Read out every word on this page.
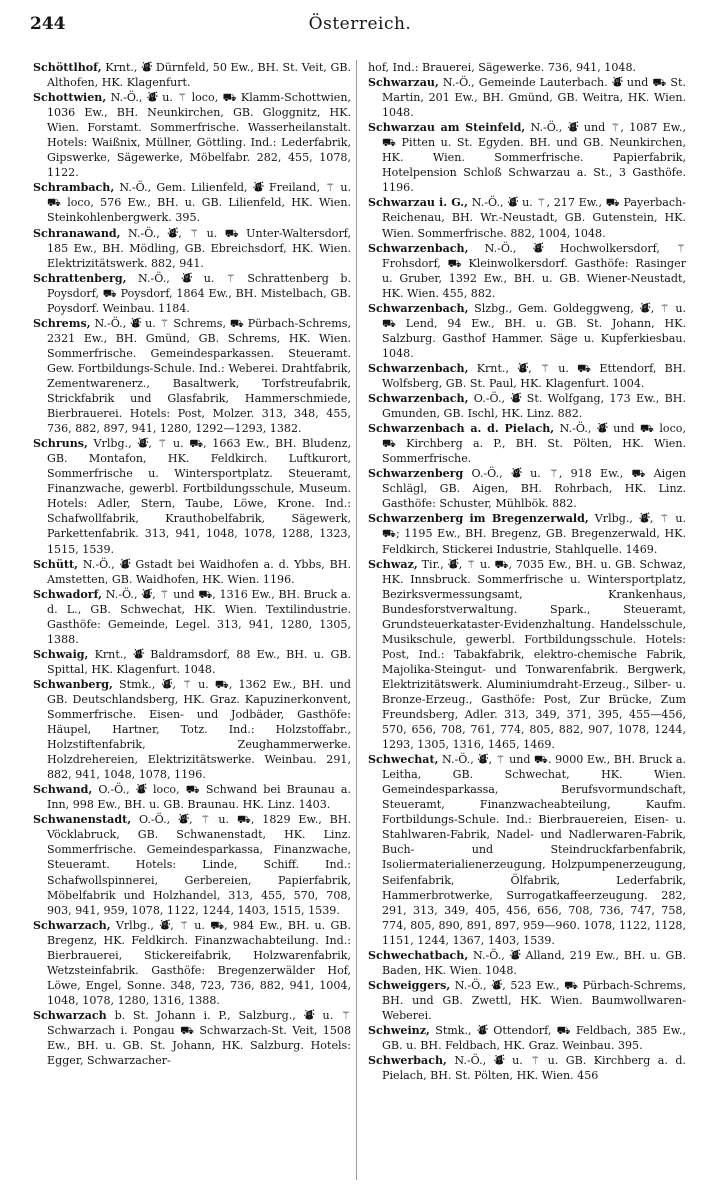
244	Österreich.

Schöttlhof, Krnt., ⛇ Dürnfeld, 50 Ew., BH. St. Veit, GB. Althofen, HK. Klagenfurt.

Schottwien, N.-Ö., ⛇ u. ⚚ loco, ⛟ Klamm-Schottwien, 1036 Ew., BH. Neunkirchen, GB. Gloggnitz, HK. Wien. Forstamt. Sommerfrische. Wasserheilanstalt. Hotels: Waißnix, Müllner, Göttling. Ind.: Lederfabrik, Gipswerke, Sägewerke, Möbelfabr. 282, 455, 1078, 1122.

Schrambach, N.-Ö., Gem. Lilienfeld, ⛇ Freiland, ⚚ u. ⛟ loco, 576 Ew., BH. u. GB. Lilienfeld, HK. Wien. Steinkohlenbergwerk. 395.

Schranawand, N.-Ö., ⛇, ⚚ u. ⛟ Unter-Waltersdorf, 185 Ew., BH. Mödling, GB. Ebreichsdorf, HK. Wien. Elektrizitätswerk. 882, 941.

Schrattenberg, N.-Ö., ⛇ u. ⚚ Schrattenberg b. Poysdorf, ⛟ Poysdorf, 1864 Ew., BH. Mistelbach, GB. Poysdorf. Weinbau. 1184.

Schrems, N.-Ö., ⛇ u. ⚚ Schrems, ⛟ Pürbach-Schrems, 2321 Ew., BH. Gmünd, GB. Schrems, HK. Wien. Sommerfrische. Gemeindesparkassen. Steueramt. Gew. Fortbildungs-Schule. Ind.: Weberei. Drahtfabrik, Zementwarenerz., Basaltwerk, Torfstreufabrik, Strickfabrik und Glasfabrik, Hammerschmiede, Bierbrauerei. Hotels: Post, Molzer. 313, 348, 455, 736, 882, 897, 941, 1280, 1292—1293, 1382.

Schruns, Vrlbg., ⛇, ⚚ u. ⛟, 1663 Ew., BH. Bludenz, GB. Montafon, HK. Feldkirch. Luftkurort, Sommerfrische u. Wintersportplatz. Steueramt, Finanzwache, gewerbl. Fortbildungsschule, Museum. Hotels: Adler, Stern, Taube, Löwe, Krone. Ind.: Schafwollfabrik, Krauthobelfabrik, Sägewerk, Parkettenfabrik. 313, 941, 1048, 1078, 1288, 1323, 1515, 1539.

Schütt, N.-Ö., ⛇ Gstadt bei Waidhofen a. d. Ybbs, BH. Amstetten, GB. Waidhofen, HK. Wien. 1196.

Schwadorf, N.-Ö., ⛇, ⚚ und ⛟, 1316 Ew., BH. Bruck a. d. L., GB. Schwechat, HK. Wien. Textilindustrie. Gasthöfe: Gemeinde, Legel. 313, 941, 1280, 1305, 1388.

Schwaig, Krnt., ⛇ Baldramsdorf, 88 Ew., BH. u. GB. Spittal, HK. Klagenfurt. 1048.

Schwanberg, Stmk., ⛇, ⚚ u. ⛟, 1362 Ew., BH. und GB. Deutschlandsberg, HK. Graz. Kapuzinerkonvent, Sommerfrische. Eisen- und Jodbäder, Gasthöfe: Häupel, Hartner, Totz. Ind.: Holzstoffabr., Holzstiftenfabrik, Zeughammerwerke. Holzdrehereien, Elektrizitätswerke. Weinbau. 291, 882, 941, 1048, 1078, 1196.

Schwand, O.-Ö., ⛇ loco, ⛟ Schwand bei Braunau a. Inn, 998 Ew., BH. u. GB. Braunau. HK. Linz. 1403.

Schwanenstadt, O.-Ö., ⛇, ⚚ u. ⛟, 1829 Ew., BH. Vöcklabruck, GB. Schwanenstadt, HK. Linz. Sommerfrische. Gemeindesparkassa, Finanzwache, Steueramt. Hotels: Linde, Schiff. Ind.: Schafwollspinnerei, Gerbereien, Papierfabrik, Möbelfabrik und Holzhandel, 313, 455, 570, 708, 903, 941, 959, 1078, 1122, 1244, 1403, 1515, 1539.

Schwarzach, Vrlbg., ⛇, ⚚ u. ⛟, 984 Ew., BH. u. GB. Bregenz, HK. Feldkirch. Finanzwachabteilung. Ind.: Bierbrauerei, Stickereifabrik, Holzwarenfabrik, Wetzsteinfabrik. Gasthöfe: Bregenzerwälder Hof, Löwe, Engel, Sonne. 348, 723, 736, 882, 941, 1004, 1048, 1078, 1280, 1316, 1388.

Schwarzach b. St. Johann i. P., Salzburg., ⛇ u. ⚚ Schwarzach i. Pongau ⛟ Schwarzach-St. Veit, 1508 Ew., BH. u. GB. St. Johann, HK. Salzburg. Hotels: Egger, Schwarzacher-

hof, Ind.: Brauerei, Sägewerke. 736, 941, 1048.

Schwarzau, N.-Ö., Gemeinde Lauterbach. ⛇ und ⛟ St. Martin, 201 Ew., BH. Gmünd, GB. Weitra, HK. Wien. 1048.

Schwarzau am Steinfeld, N.-Ö., ⛇ und ⚚, 1087 Ew., ⛟ Pitten u. St. Egyden. BH. und GB. Neunkirchen, HK. Wien. Sommerfrische. Papierfabrik, Hotelpension Schloß Schwarzau a. St., 3 Gasthöfe. 1196.

Schwarzau i. G., N.-Ö., ⛇ u. ⚚, 217 Ew., ⛟ Payerbach-Reichenau, BH. Wr.-Neustadt, GB. Gutenstein, HK. Wien. Sommerfrische. 882, 1004, 1048.

Schwarzenbach, N.-Ö., ⛇ Hochwolkersdorf, ⚚ Frohsdorf, ⛟ Kleinwolkersdorf. Gasthöfe: Rasinger u. Gruber, 1392 Ew., BH. u. GB. Wiener-Neustadt, HK. Wien. 455, 882.

Schwarzenbach, Slzbg., Gem. Goldeggweng, ⛇, ⚚ u. ⛟ Lend, 94 Ew., BH. u. GB. St. Johann, HK. Salzburg. Gasthof Hammer. Säge u. Kupferkiesbau. 1048.

Schwarzenbach, Krnt., ⛇, ⚚ u. ⛟ Ettendorf, BH. Wolfsberg, GB. St. Paul, HK. Klagenfurt. 1004.

Schwarzenbach, O.-Ö., ⛇ St. Wolfgang, 173 Ew., BH. Gmunden, GB. Ischl, HK. Linz. 882.

Schwarzenbach a. d. Pielach, N.-Ö., ⛇ und ⛟ loco, ⛟ Kirchberg a. P., BH. St. Pölten, HK. Wien. Sommerfrische.

Schwarzenberg O.-Ö., ⛇ u. ⚚, 918 Ew., ⛟ Aigen Schlägl, GB. Aigen, BH. Rohrbach, HK. Linz. Gasthöfe: Schuster, Mühlbök. 882.

Schwarzenberg im Bregenzerwald, Vrlbg., ⛇, ⚚ u. ⛟; 1195 Ew., BH. Bregenz, GB. Bregenzerwald, HK. Feldkirch, Stickerei Industrie, Stahlquelle. 1469.

Schwaz, Tir., ⛇, ⚚ u. ⛟, 7035 Ew., BH. u. GB. Schwaz, HK. Innsbruck. Sommerfrische u. Wintersportplatz, Bezirksvermessungsamt, Krankenhaus, Bundesforstverwaltung. Spark., Steueramt, Grundsteuerkataster-Evidenzhaltung. Handelsschule, Musikschule, gewerbl. Fortbildungsschule. Hotels: Post, Ind.: Tabakfabrik, elektro-chemische Fabrik, Majolika-Steingut- und Tonwarenfabrik. Bergwerk, Elektrizitätswerk. Aluminiumdraht-Erzeug., Silber- u. Bronze-Erzeug., Gasthöfe: Post, Zur Brücke, Zum Freundsberg, Adler. 313, 349, 371, 395, 455—456, 570, 656, 708, 761, 774, 805, 882, 907, 1078, 1244, 1293, 1305, 1316, 1465, 1469.

Schwechat, N.-Ö., ⛇, ⚚ und ⛟. 9000 Ew., BH. Bruck a. Leitha, GB. Schwechat, HK. Wien. Gemeindesparkassa, Berufsvormundschaft, Steueramt, Finanzwacheabteilung, Kaufm. Fortbildungs-Schule. Ind.: Bierbrauereien, Eisen- u. Stahlwaren-Fabrik, Nadel- und Nadlerwaren-Fabrik, Buch- und Steindruckfarbenfabrik, Isoliermaterialienerzeugung, Holzpumpenerzeugung, Seifenfabrik, Ölfabrik, Lederfabrik, Hammerbrotwerke, Surrogatkaffeerzeugung. 282, 291, 313, 349, 405, 456, 656, 708, 736, 747, 758, 774, 805, 890, 891, 897, 959—960. 1078, 1122, 1128, 1151, 1244, 1367, 1403, 1539.

Schwechatbach, N.-Ö., ⛇ Alland, 219 Ew., BH. u. GB. Baden, HK. Wien. 1048.

Schweiggers, N.-Ö., ⛇, 523 Ew., ⛟ Pürbach-Schrems, BH. und GB. Zwettl, HK. Wien. Baumwollwaren-Weberei.

Schweinz, Stmk., ⛇ Ottendorf, ⛟ Feldbach, 385 Ew., GB. u. BH. Feldbach, HK. Graz. Weinbau. 395.

Schwerbach, N.-Ö., ⛇ u. ⚚ u. GB. Kirchberg a. d. Pielach, BH. St. Pölten, HK. Wien. 456
